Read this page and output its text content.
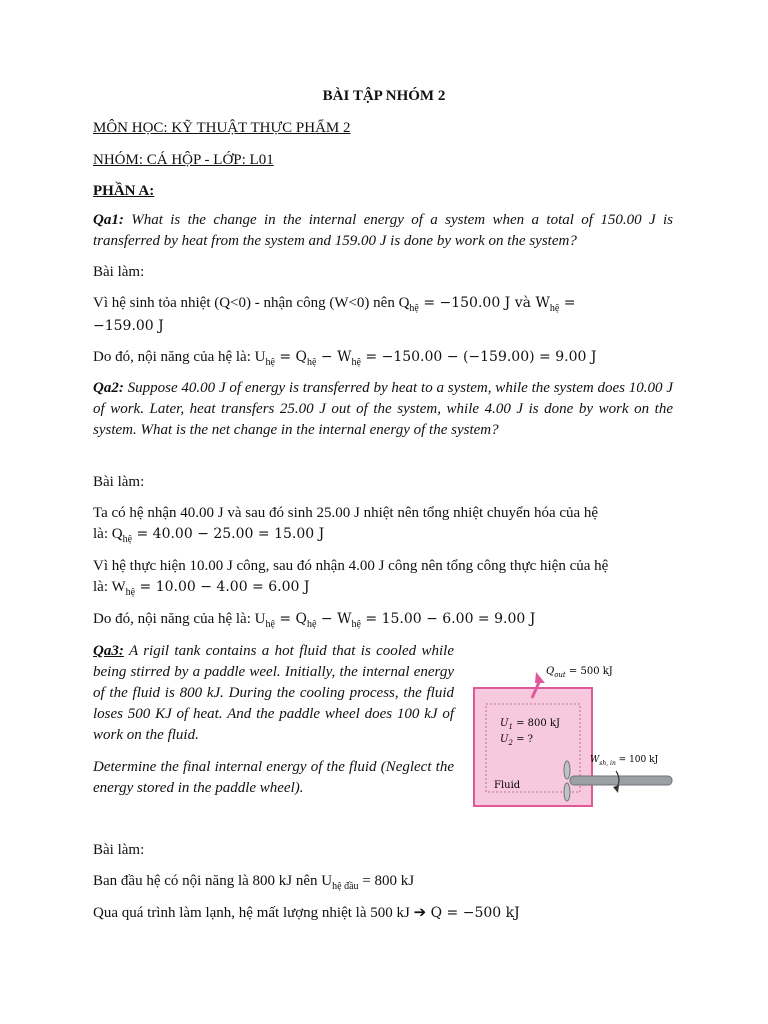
BÀI TẬP NHÓM 2
MÔN HỌC: KỸ THUẬT THỰC PHẨM 2
NHÓM: CÁ HỘP - LỚP: L01
PHẦN A:
Qa1: What is the change in the internal energy of a system when a total of 150.00 J is transferred by heat from the system and 159.00 J is done by work on the system?
Bài làm:
Vì hệ sinh tỏa nhiệt (Q<0) - nhận công (W<0) nên $Q_{hệ} = -150.00$ J và $W_{hệ}$ =
−159.00 J
Do đó, nội năng của hệ là: $U_{hệ} = Q_{hệ} - W_{hệ} = -150.00 - (-159.00) = 9.00$ J
Qa2: Suppose 40.00 J of energy is transferred by heat to a system, while the system does 10.00 J of work. Later, heat transfers 25.00 J out of the system, while 4.00 J is done by work on the system. What is the net change in the internal energy of the system?
Bài làm:
Ta có hệ nhận 40.00 J và sau đó sinh 25.00 J nhiệt nên tổng nhiệt chuyển hóa của hệ
là: $Q_{hệ} = 40.00 - 25.00 = 15.00$ J
Vì hệ thực hiện 10.00 J công, sau đó nhận 4.00 J công nên tổng công thực hiện của hệ
là: $W_{hệ} = 10.00 - 4.00 = 6.00$ J
Do đó, nội năng của hệ là: $U_{hệ} = Q_{hệ} - W_{hệ} = 15.00 - 6.00 = 9.00$ J
Qa3: A rigil tank contains a hot fluid that is cooled while being stirred by a paddle weel. Initially, the internal energy of the fluid is 800 kJ. During the cooling process, the fluid loses 500 KJ of heat. And the paddle wheel does 100 kJ of work on the fluid.
Determine the final internal energy of the fluid (Neglect the energy stored in the paddle wheel).
$Q_{out} = 500$ kJ
$U_1 = 800$ kJ
$U_2$ = ?
$W_{sh, in} = 100$ kJ
Fluid
Bài làm:
Ban đầu hệ có nội năng là 800 kJ nên $U_{hệ đầu} = 800$ kJ
Qua quá trình làm lạnh, hệ mất lượng nhiệt là 500 kJ ➔ Q = −500 kJ
